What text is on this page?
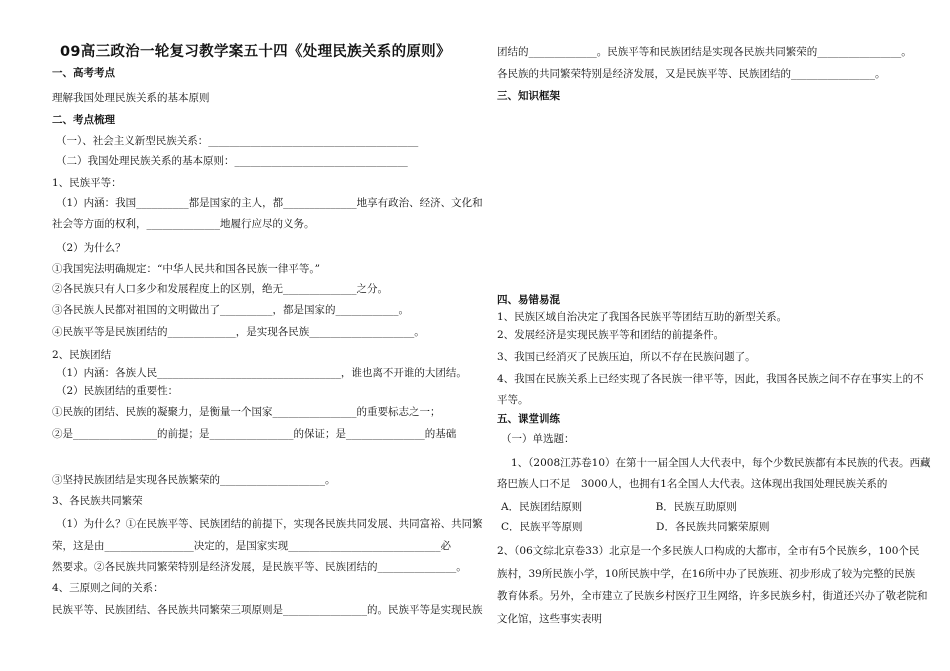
09高三政治一轮复习教学案五十四《处理民族关系的原则》
一、高考考点
理解我国处理民族关系的基本原则
二、考点梳理
（一）、社会主义新型民族关系：________________________________________
（二）我国处理民族关系的基本原则：_________________________________
1、民族平等：
（1）内涵：我国__________都是国家的主人，都______________地享有政治、经济、文化和
社会等方面的权利，______________地履行应尽的义务。
（2）为什么？
①我国宪法明确规定：“中华人民共和国各民族一律平等。”
②各民族只有人口多少和发展程度上的区别，绝无______________之分。
③各民族人民都对祖国的文明做出了__________，都是国家的____________。
④民族平等是民族团结的_____________，是实现各民族____________________。
2、民族团结
（1）内涵：各族人民___________________________________，谁也离不开谁的大团结。
（2）民族团结的重要性：
①民族的团结、民族的凝聚力，是衡量一个国家________________的重要标志之一；
②是________________的前提；是________________的保证；是_______________的基础
③坚持民族团结是实现各民族繁荣的____________________。
3、各民族共同繁荣
（1）为什么？①在民族平等、民族团结的前提下，实现各民族共同发展、共同富裕、共同繁
荣，这是由_________________决定的，是国家实现_____________________________必
然要求。②各民族共同繁荣特别是经济发展，是民族平等、民族团结的_______________。
4、三原则之间的关系：
民族平等、民族团结、各民族共同繁荣三项原则是________________的。民族平等是实现民族
团结的_____________。民族平等和民族团结是实现各民族共同繁荣的________________。
各民族的共同繁荣特别是经济发展，又是民族平等、民族团结的________________。
三、知识框架
四、易错易混
1、民族区域自治决定了我国各民族平等团结互助的新型关系。
2、发展经济是实现民族平等和团结的前提条件。
3、我国已经消灭了民族压迫，所以不存在民族问题了。
4、我国在民族关系上已经实现了各民族一律平等，因此，我国各民族之间不存在事实上的不
平等。
五、课堂训练
（一）单选题：
1、（2008江苏卷10）在第十一届全国人大代表中，每个少数民族都有本民族的代表。西藏
珞巴族人口不足　3000人，也拥有1名全国人大代表。这体现出我国处理民族关系的
A．民族团结原则　　　　　　　B．民族互助原则
C．民族平等原则　　　　　　　D．各民族共同繁荣原则
2、（06文综北京卷33）北京是一个多民族人口构成的大都市，全市有5个民族乡，100个民
族村，39所民族小学，10所民族中学，在16所中办了民族班、初步形成了较为完整的民族
教育体系。另外，全市建立了民族乡村医疗卫生网络，许多民族乡村，街道还兴办了敬老院和
文化馆，这些事实表明
